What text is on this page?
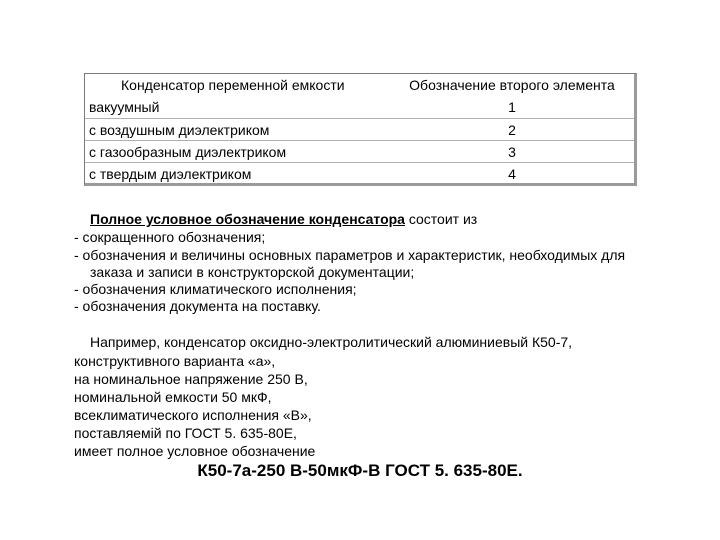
Конденсатор переменной емкости	Обозначение второго элемента
вакуумный	1
с воздушным диэлектриком	2
с газообразным диэлектриком	3
с твердым диэлектриком	4
Полное условное обозначение конденсатора состоит из
- сокращенного обозначения;
- обозначения и величины основных параметров и характеристик, необходимых для
заказа и записи в конструкторской документации;
- обозначения климатического исполнения;
- обозначения документа на поставку.
Например, конденсатор оксидно-электролитический алюминиевый К50-7,
конструктивного варианта «а»,
на номинальное напряжение 250 В,
номинальной емкости 50 мкФ,
всеклиматического исполнения «В»,
поставляемій по ГОСТ 5. 635-80Е,
имеет полное условное обозначение
К50-7а-250 В-50мкФ-В ГОСТ 5. 635-80Е.
